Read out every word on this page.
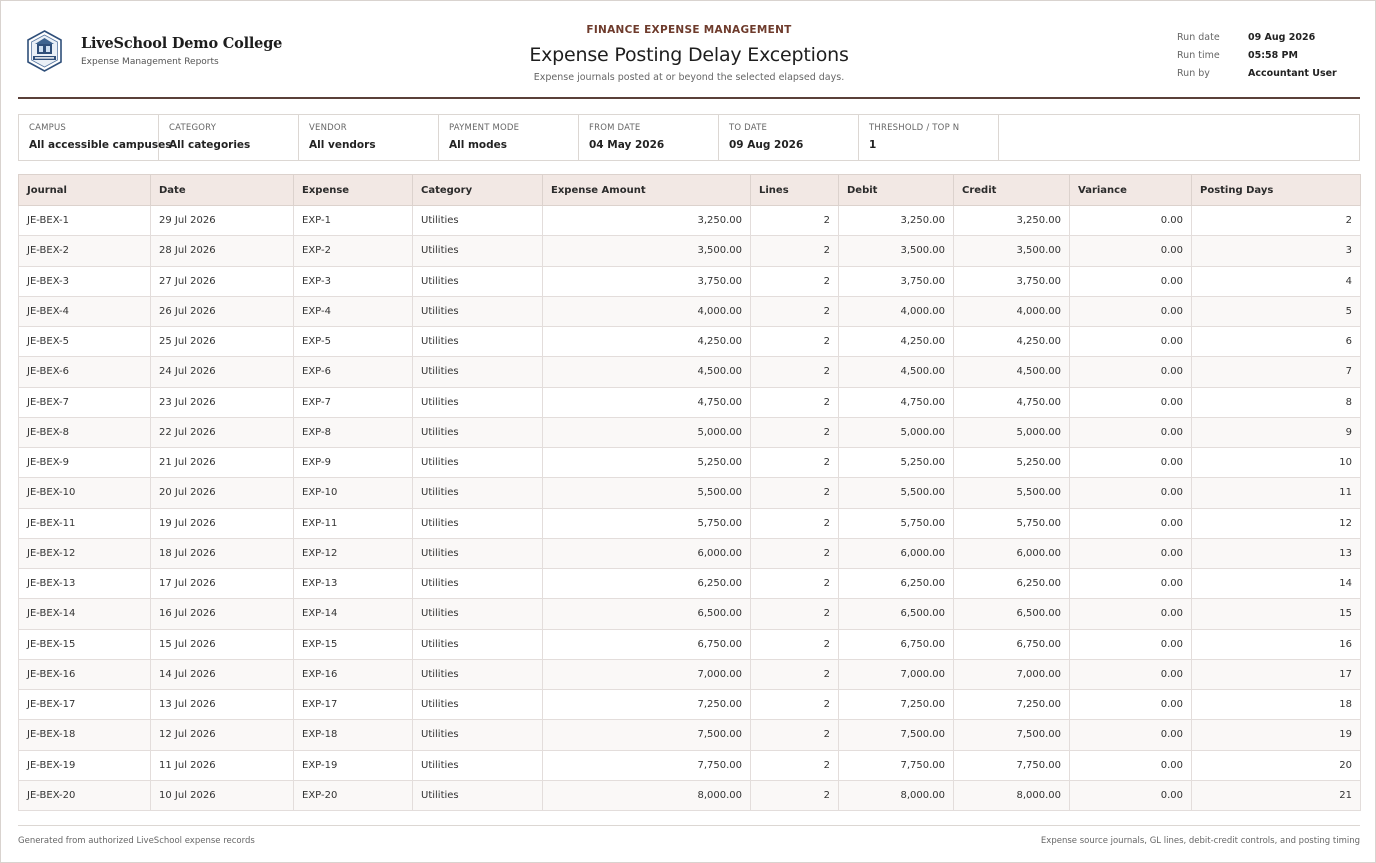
LiveSchool Demo College
Expense Management Reports
FINANCE EXPENSE MANAGEMENT
Expense Posting Delay Exceptions
Expense journals posted at or beyond the selected elapsed days.
Run date	09 Aug 2026
Run time	05:58 PM
Run by	Accountant User
CAMPUS
All accessible campuses
CATEGORY
All categories
VENDOR
All vendors
PAYMENT MODE
All modes
FROM DATE
04 May 2026
TO DATE
09 Aug 2026
THRESHOLD / TOP N
1
Journal	Date	Expense	Category	Expense Amount	Lines	Debit	Credit	Variance	Posting Days
JE-BEX-1	29 Jul 2026	EXP-1	Utilities	3,250.00	2	3,250.00	3,250.00	0.00	2
JE-BEX-2	28 Jul 2026	EXP-2	Utilities	3,500.00	2	3,500.00	3,500.00	0.00	3
JE-BEX-3	27 Jul 2026	EXP-3	Utilities	3,750.00	2	3,750.00	3,750.00	0.00	4
JE-BEX-4	26 Jul 2026	EXP-4	Utilities	4,000.00	2	4,000.00	4,000.00	0.00	5
JE-BEX-5	25 Jul 2026	EXP-5	Utilities	4,250.00	2	4,250.00	4,250.00	0.00	6
JE-BEX-6	24 Jul 2026	EXP-6	Utilities	4,500.00	2	4,500.00	4,500.00	0.00	7
JE-BEX-7	23 Jul 2026	EXP-7	Utilities	4,750.00	2	4,750.00	4,750.00	0.00	8
JE-BEX-8	22 Jul 2026	EXP-8	Utilities	5,000.00	2	5,000.00	5,000.00	0.00	9
JE-BEX-9	21 Jul 2026	EXP-9	Utilities	5,250.00	2	5,250.00	5,250.00	0.00	10
JE-BEX-10	20 Jul 2026	EXP-10	Utilities	5,500.00	2	5,500.00	5,500.00	0.00	11
JE-BEX-11	19 Jul 2026	EXP-11	Utilities	5,750.00	2	5,750.00	5,750.00	0.00	12
JE-BEX-12	18 Jul 2026	EXP-12	Utilities	6,000.00	2	6,000.00	6,000.00	0.00	13
JE-BEX-13	17 Jul 2026	EXP-13	Utilities	6,250.00	2	6,250.00	6,250.00	0.00	14
JE-BEX-14	16 Jul 2026	EXP-14	Utilities	6,500.00	2	6,500.00	6,500.00	0.00	15
JE-BEX-15	15 Jul 2026	EXP-15	Utilities	6,750.00	2	6,750.00	6,750.00	0.00	16
JE-BEX-16	14 Jul 2026	EXP-16	Utilities	7,000.00	2	7,000.00	7,000.00	0.00	17
JE-BEX-17	13 Jul 2026	EXP-17	Utilities	7,250.00	2	7,250.00	7,250.00	0.00	18
JE-BEX-18	12 Jul 2026	EXP-18	Utilities	7,500.00	2	7,500.00	7,500.00	0.00	19
JE-BEX-19	11 Jul 2026	EXP-19	Utilities	7,750.00	2	7,750.00	7,750.00	0.00	20
JE-BEX-20	10 Jul 2026	EXP-20	Utilities	8,000.00	2	8,000.00	8,000.00	0.00	21
Generated from authorized LiveSchool expense records	Expense source journals, GL lines, debit-credit controls, and posting timing
